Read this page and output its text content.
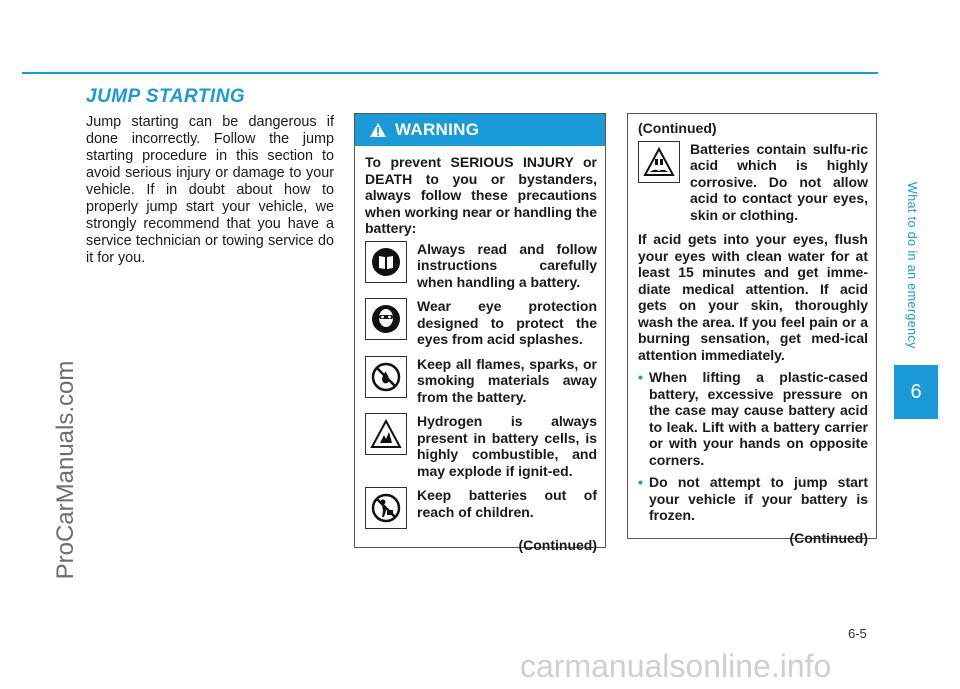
JUMP STARTING

Jump starting can be dangerous if done incorrectly. Follow the jump starting procedure in this section to avoid serious injury or damage to your vehicle. If in doubt about how to properly jump start your vehicle, we strongly recommend that you have a service technician or towing service do it for you.

WARNING

To prevent SERIOUS INJURY or DEATH to you or bystanders, always follow these precautions when working near or handling the battery:

Always read and follow instructions carefully when handling a battery.

Wear eye protection designed to protect the eyes from acid splashes.

Keep all flames, sparks, or smoking materials away from the battery.

Hydrogen is always present in battery cells, is highly combustible, and may explode if ignit-ed.

Keep batteries out of reach of children.

(Continued)

(Continued)

Batteries contain sulfu-ric acid which is highly corrosive. Do not allow acid to contact your eyes, skin or clothing.

If acid gets into your eyes, flush your eyes with clean water for at least 15 minutes and get imme-diate medical attention. If acid gets on your skin, thoroughly wash the area. If you feel pain or a burning sensation, get med-ical attention immediately.

• When lifting a plastic-cased battery, excessive pressure on the case may cause battery acid to leak. Lift with a battery carrier or with your hands on opposite corners.
• Do not attempt to jump start your vehicle if your battery is frozen.

(Continued)

What to do in an emergency
6
6-5
ProCarManuals.com
carmanualsonline.info
